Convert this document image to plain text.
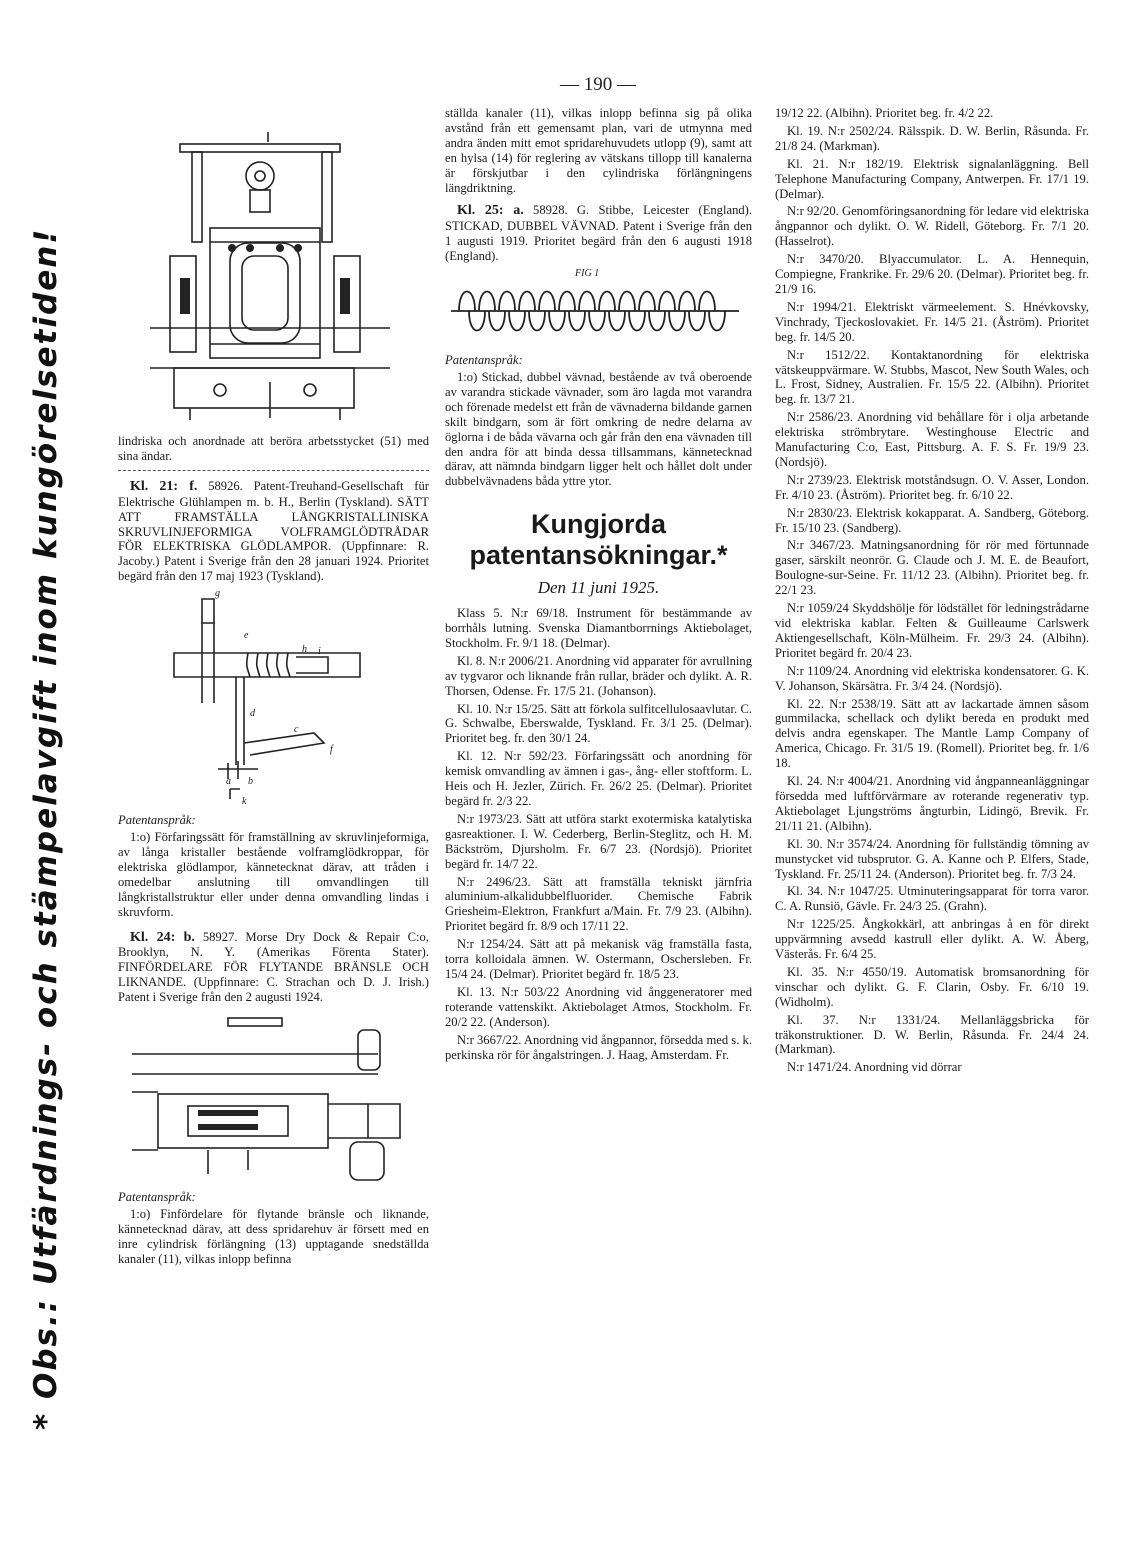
* Obs.: Utfärdnings- och stämpelavgift inom kungörelsetiden!
— 190 —

lindriska och anordnade att beröra arbetsstycket (51) med sina ändar.

Kl. 21: f. 58926. Patent-Treuhand-Gesellschaft für Elektrische Glühlampen m. b. H., Berlin (Tyskland). SÄTT ATT FRAMSTÄLLA LÅNGKRISTALLINISKA SKRUVLINJEFORMIGA VOLFRAMGLÖDTRÅDAR FÖR ELEKTRISKA GLÖDLAMPOR. (Uppfinnare: R. Jacoby.) Patent i Sverige från den 28 januari 1924. Prioritet begärd från den 17 maj 1923 (Tyskland).

g
e
h i
d
c
f
a b
k
Patentanspråk:

1:o) Förfaringssätt för framställning av skruvlinjeformiga, av långa kristaller bestående volframglödkroppar, för elektriska glödlampor, kännetecknat därav, att tråden i omedelbar anslutning till omvandlingen till långkristallstruktur eller under denna omvandling lindas i skruvform.

Kl. 24: b. 58927. Morse Dry Dock & Repair C:o, Brooklyn, N. Y. (Amerikas Förenta Stater). FINFÖRDELARE FÖR FLYTANDE BRÄNSLE OCH LIKNANDE. (Uppfinnare: C. Strachan och D. J. Irish.) Patent i Sverige från den 2 augusti 1924.

Patentanspråk:

1:o) Finfördelare för flytande bränsle och liknande, kännetecknad därav, att dess spridarehuv är försett med en inre cylindrisk förlängning (13) upptagande snedställda kanaler (11), vilkas inlopp befinna

ställda kanaler (11), vilkas inlopp befinna sig på olika avstånd från ett gemensamt plan, vari de utmynna med andra änden mitt emot spridarehuvudets utlopp (9), samt att en hylsa (14) för reglering av vätskans tillopp till kanalerna är förskjutbar i den cylindriska förlängningens längdriktning.

Kl. 25: a. 58928. G. Stibbe, Leicester (England). STICKAD, DUBBEL VÄVNAD. Patent i Sverige från den 1 augusti 1919. Prioritet begärd från den 6 augusti 1918 (England).

FIG 1
Patentanspråk:

1:o) Stickad, dubbel vävnad, bestående av två oberoende av varandra stickade vävnader, som äro lagda mot varandra och förenade medelst ett från de vävnaderna bildande garnen skilt bindgarn, som är fört omkring de nedre delarna av öglorna i de båda vävarna och går från den ena vävnaden till den andra för att binda dessa tillsammans, kännetecknad därav, att nämnda bindgarn ligger helt och hållet dolt under dubbelvävnadens båda yttre ytor.

Kungjorda patentansökningar.*
Den 11 juni 1925.

Klass 5. N:r 69/18. Instrument för bestämmande av borrhåls lutning. Svenska Diamantborrnings Aktiebolaget, Stockholm. Fr. 9/1 18. (Delmar).

Kl. 8. N:r 2006/21. Anordning vid apparater för avrullning av tygvaror och liknande från rullar, bräder och dylikt. A. R. Thorsen, Odense. Fr. 17/5 21. (Johanson).

Kl. 10. N:r 15/25. Sätt att förkola sulfitcellulosaavlutar. C. G. Schwalbe, Eberswalde, Tyskland. Fr. 3/1 25. (Delmar). Prioritet beg. fr. den 30/1 24.

Kl. 12. N:r 592/23. Förfaringssätt och anordning för kemisk omvandling av ämnen i gas-, ång- eller stoftform. L. Heis och H. Jezler, Zürich. Fr. 26/2 25. (Delmar). Prioritet begärd fr. 2/3 22.

N:r 1973/23. Sätt att utföra starkt exotermiska katalytiska gasreaktioner. I. W. Cederberg, Berlin-Steglitz, och H. M. Bäckström, Djursholm. Fr. 6/7 23. (Nordsjö). Prioritet begärd fr. 14/7 22.

N:r 2496/23. Sätt att framställa tekniskt järnfria aluminium-alkalidubbelfluorider. Chemische Fabrik Griesheim-Elektron, Frankfurt a/Main. Fr. 7/9 23. (Albihn). Prioritet begärd fr. 8/9 och 17/11 22.

N:r 1254/24. Sätt att på mekanisk väg framställa fasta, torra kolloidala ämnen. W. Ostermann, Oschersleben. Fr. 15/4 24. (Delmar). Prioritet begärd fr. 18/5 23.

Kl. 13. N:r 503/22 Anordning vid ånggeneratorer med roterande vattenskikt. Aktiebolaget Atmos, Stockholm. Fr. 20/2 22. (Anderson).

N:r 3667/22. Anordning vid ångpannor, försedda med s. k. perkinska rör för ångalstringen. J. Haag, Amsterdam. Fr.

19/12 22. (Albihn). Prioritet beg. fr. 4/2 22.

Kl. 19. N:r 2502/24. Rälsspik. D. W. Berlin, Råsunda. Fr. 21/8 24. (Markman).

Kl. 21. N:r 182/19. Elektrisk signalanläggning. Bell Telephone Manufacturing Company, Antwerpen. Fr. 17/1 19. (Delmar).

N:r 92/20. Genomföringsanordning för ledare vid elektriska ångpannor och dylikt. O. W. Ridell, Göteborg. Fr. 7/1 20. (Hasselrot).

N:r 3470/20. Blyaccumulator. L. A. Hennequin, Compiegne, Frankrike. Fr. 29/6 20. (Delmar). Prioritet beg. fr. 21/9 16.

N:r 1994/21. Elektriskt värmeelement. S. Hnévkovsky, Vinchrady, Tjeckoslovakiet. Fr. 14/5 21. (Åström). Prioritet beg. fr. 14/5 20.

N:r 1512/22. Kontaktanordning för elektriska vätskeuppvärmare. W. Stubbs, Mascot, New South Wales, och L. Frost, Sidney, Australien. Fr. 15/5 22. (Albihn). Prioritet beg. fr. 13/7 21.

N:r 2586/23. Anordning vid behållare för i olja arbetande elektriska strömbrytare. Westinghouse Electric and Manufacturing C:o, East, Pittsburg. A. F. S. Fr. 19/9 23. (Nordsjö).

N:r 2739/23. Elektrisk motståndsugn. O. V. Asser, London. Fr. 4/10 23. (Åström). Prioritet beg. fr. 6/10 22.

N:r 2830/23. Elektrisk kokapparat. A. Sandberg, Göteborg. Fr. 15/10 23. (Sandberg).

N:r 3467/23. Matningsanordning för rör med förtunnade gaser, särskilt neonrör. G. Claude och J. M. E. de Beaufort, Boulogne-sur-Seine. Fr. 11/12 23. (Albihn). Prioritet beg. fr. 22/1 23.

N:r 1059/24 Skyddshölje för lödstället för ledningstrådarne vid elektriska kablar. Felten & Guilleaume Carlswerk Aktiengesellschaft, Köln-Mülheim. Fr. 29/3 24. (Albihn). Prioritet begärd fr. 20/4 23.

N:r 1109/24. Anordning vid elektriska kondensatorer. G. K. V. Johanson, Skärsätra. Fr. 3/4 24. (Nordsjö).

Kl. 22. N:r 2538/19. Sätt att av lackartade ämnen såsom gummilacka, schellack och dylikt bereda en produkt med delvis andra egenskaper. The Mantle Lamp Company of America, Chicago. Fr. 31/5 19. (Romell). Prioritet beg. fr. 1/6 18.

Kl. 24. N:r 4004/21. Anordning vid ångpanneanläggningar försedda med luftförvärmare av roterande regenerativ typ. Aktiebolaget Ljungströms ångturbin, Lidingö, Brevik. Fr. 21/11 21. (Albihn).

Kl. 30. N:r 3574/24. Anordning för fullständig tömning av munstycket vid tubsprutor. G. A. Kanne och P. Elfers, Stade, Tyskland. Fr. 25/11 24. (Anderson). Prioritet beg. fr. 7/3 24.

Kl. 34. N:r 1047/25. Utminuteringsapparat för torra varor. C. A. Runsiö, Gävle. Fr. 24/3 25. (Grahn).

N:r 1225/25. Ångkokkärl, att anbringas å en för direkt uppvärmning avsedd kastrull eller dylikt. A. W. Åberg, Västerås. Fr. 6/4 25.

Kl. 35. N:r 4550/19. Automatisk bromsanordning för vinschar och dylikt. G. F. Clarin, Osby. Fr. 6/10 19. (Widholm).

Kl. 37. N:r 1331/24. Mellanläggsbricka för träkonstruktioner. D. W. Berlin, Råsunda. Fr. 24/4 24. (Markman).

N:r 1471/24. Anordning vid dörrar
